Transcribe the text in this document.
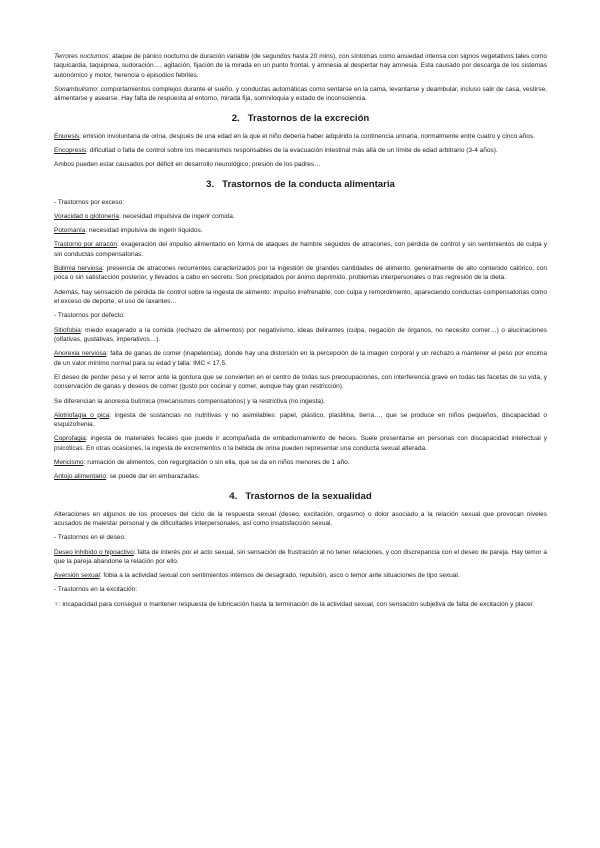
Terrores nocturnos: ataque de pánico nocturno de duración variable (de segundos hasta 20 mins), con síntomas como ansiedad intensa con signos vegetativos tales como taquicardia, taquipnea, sudoración…, agitación, fijación de la mirada en un punto frontal, y amnesia al despertar hay amnesia. Esta causado por descarga de los sistemas autonómico y motor, herencia o episodios febriles.

Sonambulismo: comportamientos complejos durante el sueño, y conductas automáticas como sentarse en la cama, levantarse y deambular, incluso salir de casa, vestirse, alimentarse y asearse. Hay falta de respuesta al entorno, mirada fija, somniloquia y estado de inconsciencia.

2. Trastornos de la excreción

Enuresis: emisión involuntaria de orina, después de una edad en la que el niño debería haber adquirido la continencia urinaria, normalmente entre cuatro y cinco años.

Encopresis: dificultad o falta de control sobre los mecanismos responsables de la evacuación intestinal más allá de un límite de edad arbitrario (3-4 años).

Ambos pueden estar causados por déficit en desarrollo neurológico, presión de los padres…

3. Trastornos de la conducta alimentaria

- Trastornos por exceso:

Voracidad o glotonería: necesidad impulsiva de ingerir comida.

Potomanía: necesidad impulsiva de ingerir líquidos.

Trastorno por atracón: exageración del impulso alimentario en forma de ataques de hambre seguidos de atracones, con pérdida de control y sin sentimientos de culpa y sin conductas compensatorias.

Bulimia nerviosa: presencia de atracones recurrentes caracterizados por la ingestión de grandes cantidades de alimento, generalmente de alto contenido calórico, con poca o sin satisfacción posterior, y llevados a cabo en secreto. Son precipitados por ánimo deprimido, problemas interpersonales o tras regresión de la dieta.

Además, hay sensación de pérdida de control sobre la ingesta de alimento: impulso irrefrenable, con culpa y remordimiento, apareciendo conductas compensatorias como el exceso de deporte, el uso de laxantes…

- Trastornos por defecto:

Sitiofobia: miedo exagerado a la comida (rechazo de alimentos) por negativismo, ideas delirantes (culpa, negación de órganos, no necesito comer…) o alucinaciones (olfativas, gustativas, imperativos…).

Anorexia nerviosa: falta de ganas de comer (inapetencia), donde hay una distorsión en la percepción de la imagen corporal y un rechazo a mantener el peso por encima de un valor mínimo normal para su edad y talla: IMC < 17,5.

El deseo de perder peso y el terror ante la gordura que se convierten en el centro de todas sus preocupaciones, con interferencia grave en todas las facetas de su vida, y conservación de ganas y deseos de comer (gusto por cocinar y comer, aunque hay gran restricción).

Se diferencian la anorexia bulímica (mecanismos compensatorios) y la restrictiva (no ingesta).

Alotriofagia o pica: ingesta de sustancias no nutritivas y no asimilables: papel, plástico, plastilina, tierra…, que se produce en niños pequeños, discapacidad o esquizofrenia.

Coprofagia: ingesta de materiales fecales que puede ir acompañada de embadurnamiento de heces. Suele presentarse en personas con discapacidad intelectual y psicóticas. En otras ocasiones, la ingesta de excrementos o la bebida de orina pueden representar una conducta sexual alterada.

Mericismo: rumiación de alimentos, con regurgitación o sin ella, que se da en niños menores de 1 año.

Antojo alimentario: se puede dar en embarazadas.

4. Trastornos de la sexualidad

Alteraciones en algunos de los procesos del ciclo de la respuesta sexual (deseo, excitación, orgasmo) o dolor asociado a la relación sexual que provocan niveles acusados de malestar personal y de dificultades interpersonales, así como insatisfacción sexual.

- Trastornos en el deseo:

Deseo inhibido o hipoactivo: falta de interés por el acto sexual, sin sensación de frustración al no tener relaciones, y con discrepancia con el deseo de pareja. Hay temor a que la pareja abandone la relación por ello.

Aversión sexual: fobia a la actividad sexual con sentimientos intensos de desagrado, repulsión, asco o temor ante situaciones de tipo sexual.

- Trastornos en la excitación:

♀: incapacidad para conseguir o mantener respuesta de lubricación hasta la terminación de la actividad sexual, con sensación subjetiva de falta de excitación y placer.
